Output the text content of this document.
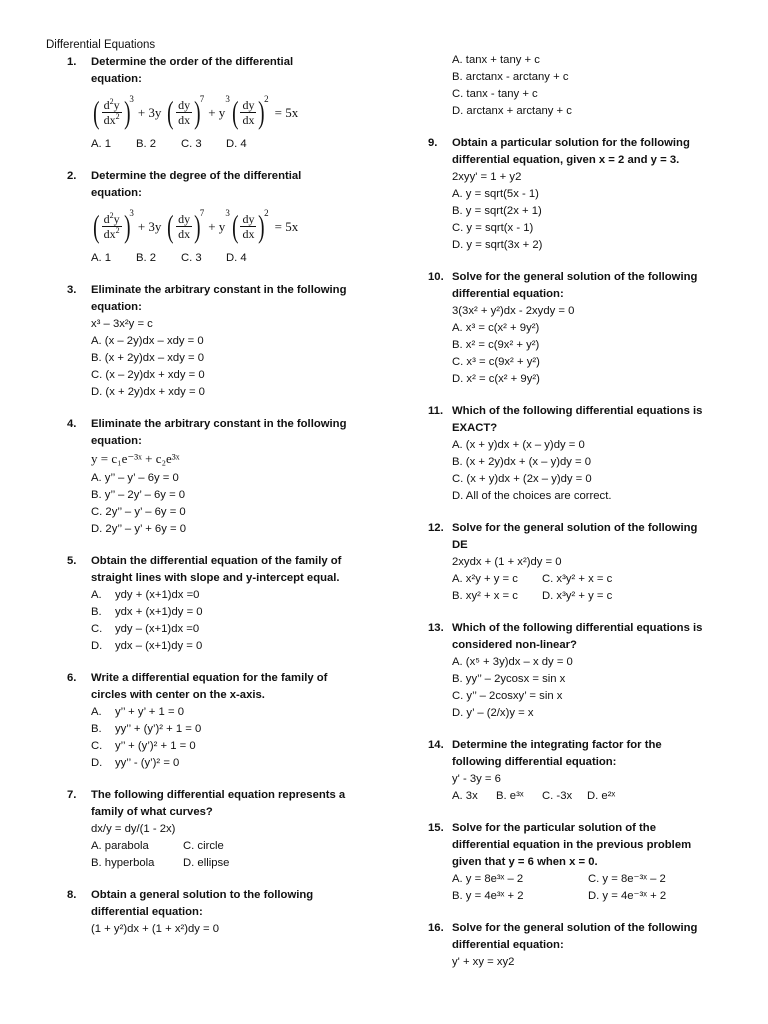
Differential Equations
1. Determine the order of the differential
equation:
( $\frac{d^2y}{dx^2}$ ) 3
+ 3y ( $\frac{dy}{dx}$ ) 7
+ y
3 ( $\frac{dy}{dx}$ ) 2
= 5x
A. 1	B. 2	C. 3	D. 4
2. Determine the degree of the differential
equation:
( $\frac{d^2y}{dx^2}$ ) 3
+ 3y ( $\frac{dy}{dx}$ ) 7
+ y
3 ( $\frac{dy}{dx}$ ) 2
= 5x
A. 1	B. 2	C. 3	D. 4
3. Eliminate the arbitrary constant in the following
equation:
x³ – 3x²y = c
A. (x – 2y)dx – xdy = 0
B. (x + 2y)dx – xdy = 0
C. (x – 2y)dx + xdy = 0
D. (x + 2y)dx + xdy = 0
4. Eliminate the arbitrary constant in the following
equation:
y = c₁e⁻³ˣ + c₂e³ˣ
A. y’’ – y’ – 6y = 0
B. y’’ – 2y’ – 6y = 0
C. 2y’’ – y’ – 6y = 0
D. 2y’’ – y’ + 6y = 0
5. Obtain the differential equation of the family of
straight lines with slope and y-intercept equal.
A.	ydy + (x+1)dx =0
B.	ydx + (x+1)dy = 0
C.	ydy – (x+1)dx =0
D.	ydx – (x+1)dy = 0
6. Write a differential equation for the family of
circles with center on the x-axis.
A.	y’’ + y’ + 1 = 0
B.	yy’’ + (y’)² + 1 = 0
C.	y’’ + (y’)² + 1 = 0
D.	yy’’ - (y’)² = 0
7. The following differential equation represents a
family of what curves?
dx/y = dy/(1 - 2x)
A. parabola	C. circle
B. hyperbola	D. ellipse
8. Obtain a general solution to the following
differential equation:
(1 + y²)dx + (1 + x²)dy = 0
A. tanx + tany + c
B. arctanx - arctany + c
C. tanx - tany + c
D. arctanx + arctany + c
9. Obtain a particular solution for the following
differential equation, given x = 2 and y = 3.
2xyy' = 1 + y2
A. y = sqrt(5x - 1)
B. y = sqrt(2x + 1)
C. y = sqrt(x - 1)
D. y = sqrt(3x + 2)
10. Solve for the general solution of the following
differential equation:
3(3x² + y²)dx - 2xydy = 0
A. x³ = c(x² + 9y²)
B. x² = c(9x² + y²)
C. x³ = c(9x² + y²)
D. x² = c(x² + 9y²)
11. Which of the following differential equations is
EXACT?
A. (x + y)dx + (x – y)dy = 0
B. (x + 2y)dx + (x – y)dy = 0
C. (x + y)dx + (2x – y)dy = 0
D. All of the choices are correct.
12. Solve for the general solution of the following
DE
2xydx + (1 + x²)dy = 0
A. x²y + y = c	C. x³y² + x = c
B. xy² + x = c	D. x³y² + y = c
13. Which of the following differential equations is
considered non-linear?
A. (x⁵ + 3y)dx – x dy = 0
B. yy’’ – 2ycosx = sin x
C. y’’ – 2cosxy’ = sin x
D. y’ – (2/x)y = x
14. Determine the integrating factor for the
following differential equation:
y' - 3y = 6
A. 3x	B. e³ˣ	C. -3x	D. e²ˣ
15. Solve for the particular solution of the
differential equation in the previous problem
given that y = 6 when x = 0.
A. y = 8e³ˣ – 2	C. y = 8e⁻³ˣ – 2
B. y = 4e³ˣ + 2	D. y = 4e⁻³ˣ + 2
16. Solve for the general solution of the following
differential equation:
y' + xy = xy2
